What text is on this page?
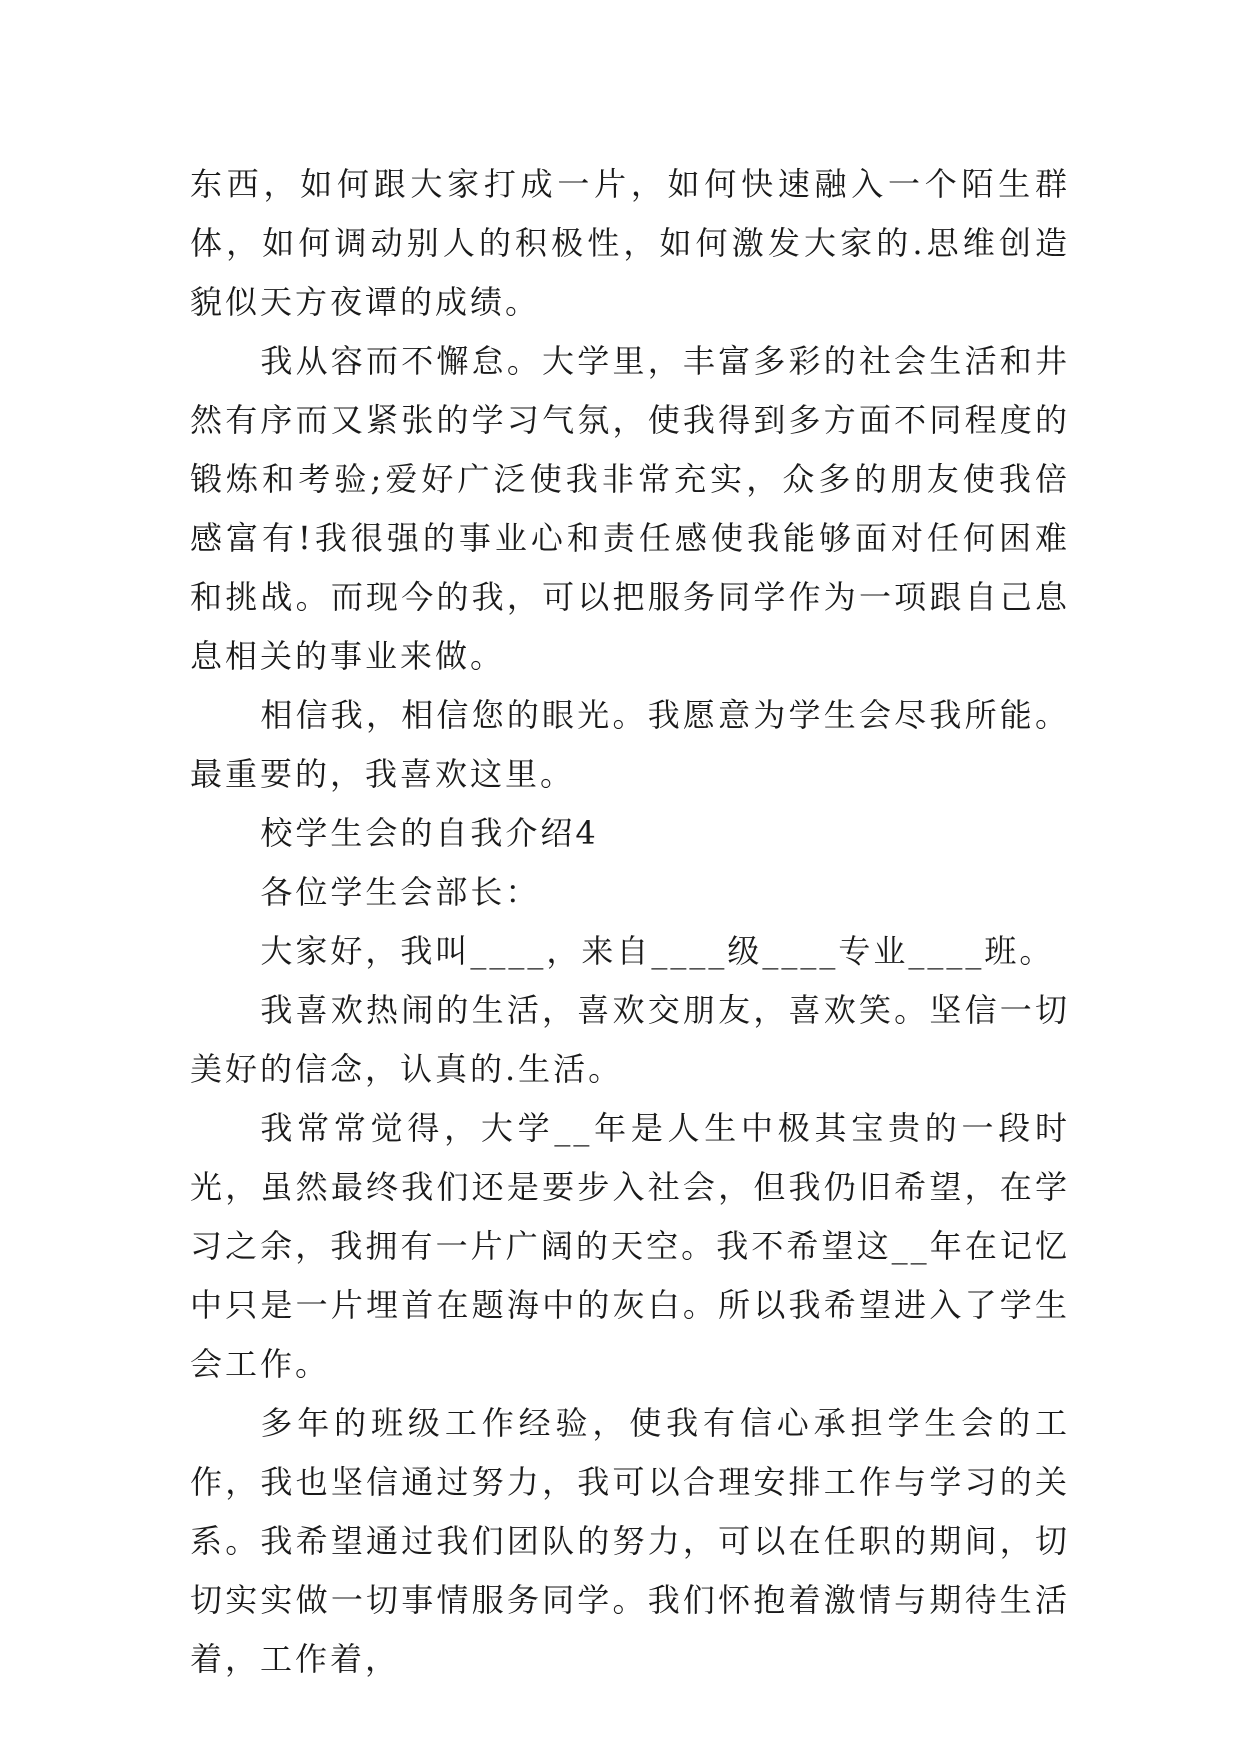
东西，如何跟大家打成一片，如何快速融入一个陌生群体，如何调动别人的积极性，如何激发大家的.思维创造貌似天方夜谭的成绩。

我从容而不懈怠。大学里，丰富多彩的社会生活和井然有序而又紧张的学习气氛，使我得到多方面不同程度的锻炼和考验;爱好广泛使我非常充实，众多的朋友使我倍感富有!我很强的事业心和责任感使我能够面对任何困难和挑战。而现今的我，可以把服务同学作为一项跟自己息息相关的事业来做。

相信我，相信您的眼光。我愿意为学生会尽我所能。最重要的，我喜欢这里。

校学生会的自我介绍4

各位学生会部长：

大家好，我叫____，来自____级____专业____班。

我喜欢热闹的生活，喜欢交朋友，喜欢笑。坚信一切美好的信念，认真的.生活。

我常常觉得，大学__年是人生中极其宝贵的一段时光，虽然最终我们还是要步入社会，但我仍旧希望，在学习之余，我拥有一片广阔的天空。我不希望这__年在记忆中只是一片埋首在题海中的灰白。所以我希望进入了学生会工作。

多年的班级工作经验，使我有信心承担学生会的工作，我也坚信通过努力，我可以合理安排工作与学习的关系。我希望通过我们团队的努力，可以在任职的期间，切切实实做一切事情服务同学。我们怀抱着激情与期待生活着，工作着，
